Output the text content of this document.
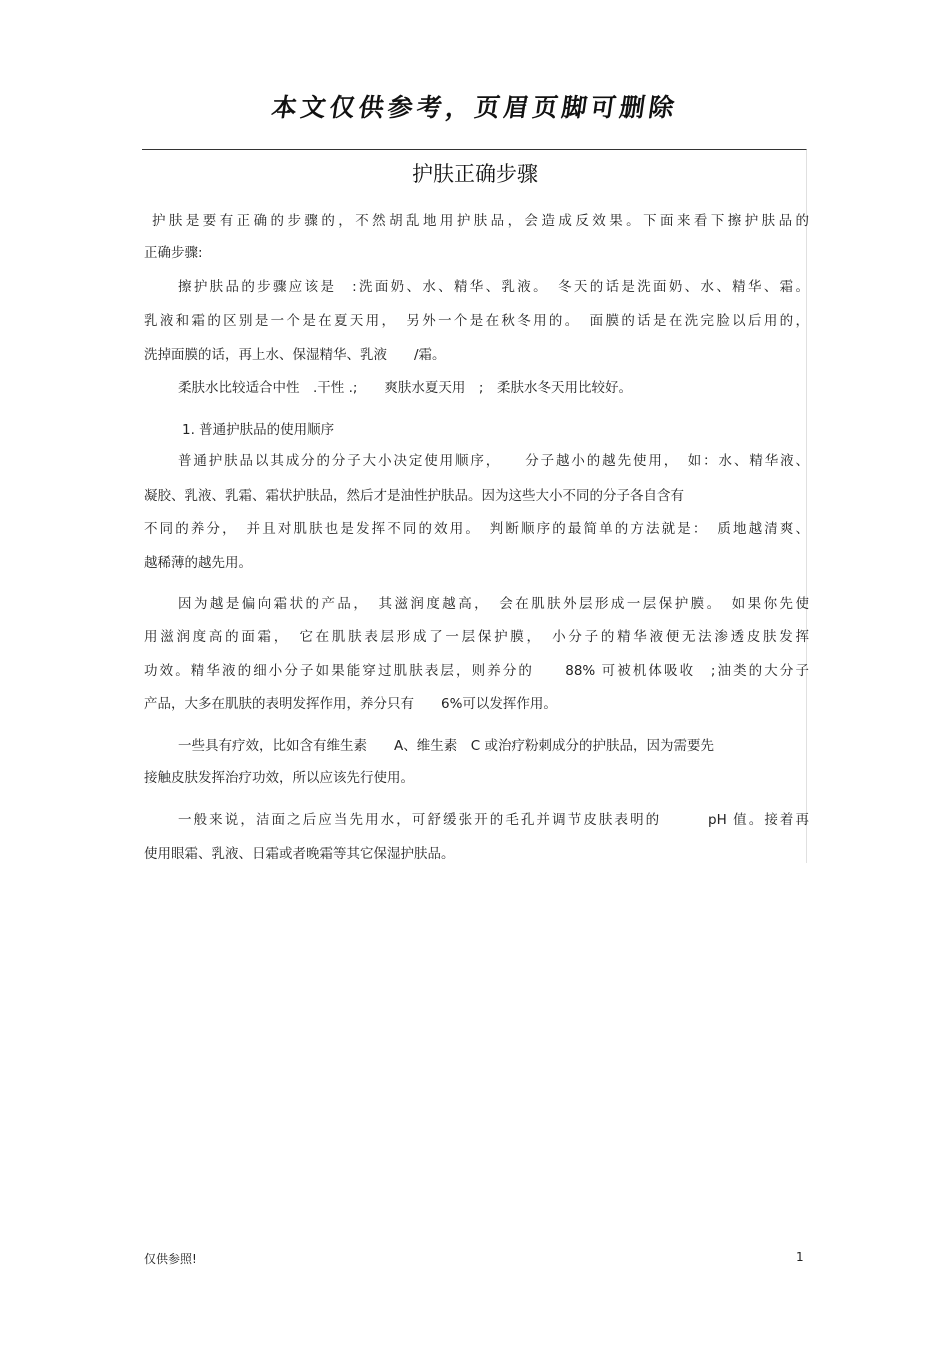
本文仅供参考，页眉页脚可删除
护肤正确步骤
护肤是要有正确的步骤的，不然胡乱地用护肤品，会造成反效果。下面来看下擦护肤品的
正确步骤:
擦护肤品的步骤应该是　:洗面奶、水、精华、乳液。　冬天的话是洗面奶、水、精华、霜。
乳液和霜的区别是一个是在夏天用，　另外一个是在秋冬用的。　面膜的话是在洗完脸以后用的，
洗掉面膜的话，再上水、保湿精华、乳液　　/霜。
柔肤水比较适合中性　.干性 .;　　爽肤水夏天用　;　柔肤水冬天用比较好。
1. 普通护肤品的使用顺序
普通护肤品以其成分的分子大小决定使用顺序，　　分子越小的越先使用，　如：水、精华液、
凝胶、乳液、乳霜、霜状护肤品，然后才是油性护肤品。因为这些大小不同的分子各自含有
不同的养分，　并且对肌肤也是发挥不同的效用。　判断顺序的最简单的方法就是：　质地越清爽、
越稀薄的越先用。
因为越是偏向霜状的产品，　其滋润度越高，　会在肌肤外层形成一层保护膜。　如果你先使
用滋润度高的面霜，　它在肌肤表层形成了一层保护膜，　小分子的精华液便无法渗透皮肤发挥
功效。精华液的细小分子如果能穿过肌肤表层，则养分的　　88% 可被机体吸收　;油类的大分子
产品，大多在肌肤的表明发挥作用，养分只有　　6%可以发挥作用。
一些具有疗效，比如含有维生素　　A、维生素　C 或治疗粉刺成分的护肤品，因为需要先
接触皮肤发挥治疗功效，所以应该先行使用。
一般来说，洁面之后应当先用水，可舒缓张开的毛孔并调节皮肤表明的　　　pH 值。接着再
使用眼霜、乳液、日霜或者晚霜等其它保湿护肤品。
仅供参照!	1
